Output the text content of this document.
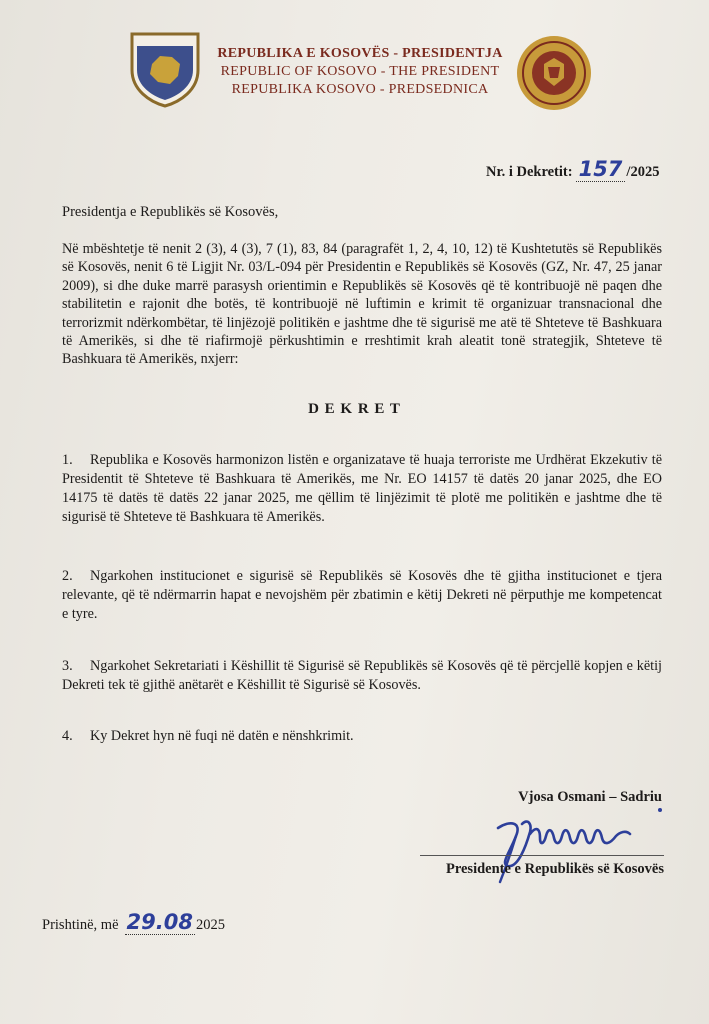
REPUBLIKA E KOSOVËS - PRESIDENTJA
REPUBLIC OF KOSOVO - THE PRESIDENT
REPUBLIKA KOSOVO - PREDSEDNICA
Nr. i Dekretit: 157 /2025
Presidentja e Republikës së Kosovës,
Në mbështetje të nenit 2 (3), 4 (3), 7 (1), 83, 84 (paragrafët 1, 2, 4, 10, 12) të Kushtetutës së Republikës së Kosovës, nenit 6 të Ligjit Nr. 03/L-094 për Presidentin e Republikës së Kosovës (GZ, Nr. 47, 25 janar 2009), si dhe duke marrë parasysh orientimin e Republikës së Kosovës që të kontribuojë në paqen dhe stabilitetin e rajonit dhe botës, të kontribuojë në luftimin e krimit të organizuar transnacional dhe terrorizmit ndërkombëtar, të linjëzojë politikën e jashtme dhe të sigurisë me atë të Shteteve të Bashkuara të Amerikës, si dhe të riafirmojë përkushtimin e rreshtimit krah aleatit tonë strategjik, Shteteve të Bashkuara të Amerikës, nxjerr:
D E K R E T
1. Republika e Kosovës harmonizon listën e organizatave të huaja terroriste me Urdhërat Ekzekutiv të Presidentit të Shteteve të Bashkuara të Amerikës, me Nr. EO 14157 të datës 20 janar 2025, dhe EO 14175 të datës të datës 22 janar 2025, me qëllim të linjëzimit të plotë me politikën e jashtme dhe të sigurisë të Shteteve të Bashkuara të Amerikës.
2. Ngarkohen institucionet e sigurisë së Republikës së Kosovës dhe të gjitha institucionet e tjera relevante, që të ndërmarrin hapat e nevojshëm për zbatimin e këtij Dekreti në përputhje me kompetencat e tyre.
3. Ngarkohet Sekretariati i Këshillit të Sigurisë së Republikës së Kosovës që të përcjellë kopjen e këtij Dekreti tek të gjithë anëtarët e Këshillit të Sigurisë së Kosovës.
4. Ky Dekret hyn në fuqi në datën e nënshkrimit.
Vjosa Osmani – Sadriu
Presidente e Republikës së Kosovës
Prishtinë, më 29.08 2025
